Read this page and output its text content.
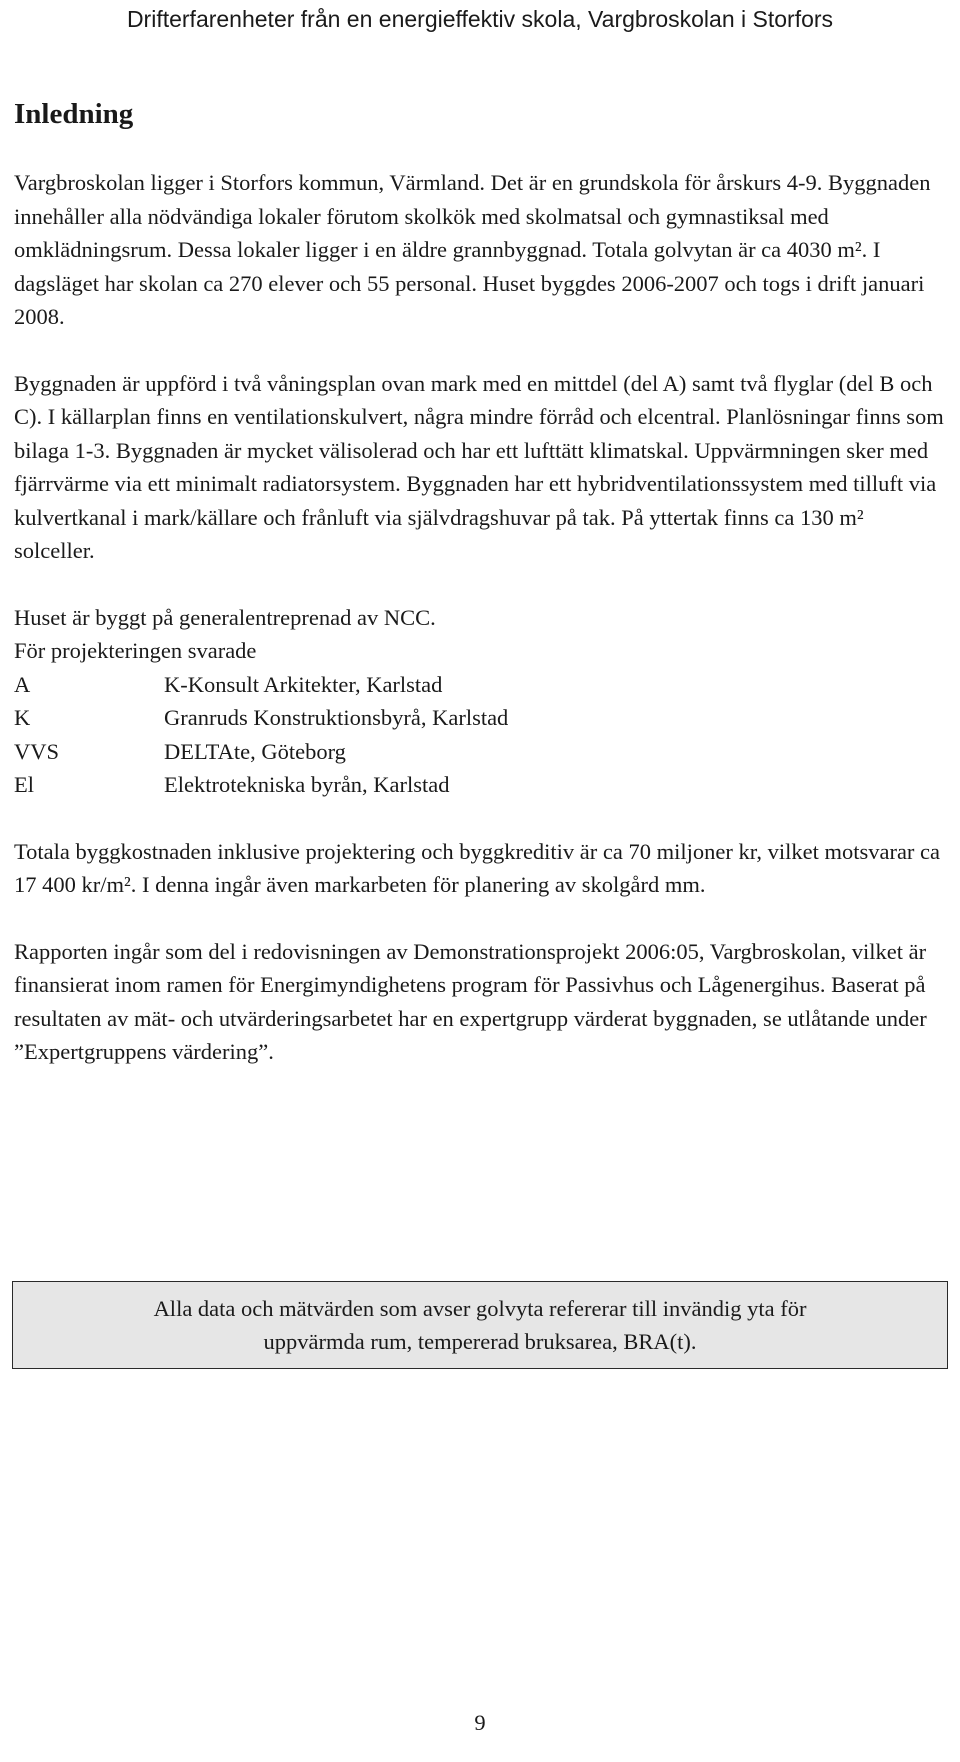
Drifterfarenheter från en energieffektiv skola, Vargbroskolan i Storfors
Inledning

Vargbroskolan ligger i Storfors kommun, Värmland. Det är en grundskola för årskurs 4-9. Byggnaden innehåller alla nödvändiga lokaler förutom skolkök med skolmatsal och gymnastiksal med omklädningsrum. Dessa lokaler ligger i en äldre grannbyggnad. Totala golvytan är ca 4030 m². I dagsläget har skolan ca 270 elever och 55 personal. Huset byggdes 2006-2007 och togs i drift januari 2008.

Byggnaden är uppförd i två våningsplan ovan mark med en mittdel (del A) samt två flyglar (del B och C). I källarplan finns en ventilationskulvert, några mindre förråd och elcentral. Planlösningar finns som bilaga 1-3. Byggnaden är mycket välisolerad och har ett lufttätt klimatskal. Uppvärmningen sker med fjärrvärme via ett minimalt radiatorsystem. Byggnaden har ett hybridventilationssystem med tilluft via kulvertkanal i mark/källare och frånluft via självdragshuvar på tak. På yttertak finns ca 130 m² solceller.

Huset är byggt på generalentreprenad av NCC.

För projekteringen svarade

A	K-Konsult Arkitekter, Karlstad
K	Granruds Konstruktionsbyrå, Karlstad
VVS	DELTAte, Göteborg
El	Elektrotekniska byrån, Karlstad

Totala byggkostnaden inklusive projektering och byggkreditiv är ca 70 miljoner kr, vilket motsvarar ca 17 400 kr/m². I denna ingår även markarbeten för planering av skolgård mm.

Rapporten ingår som del i redovisningen av Demonstrationsprojekt 2006:05, Vargbroskolan, vilket är finansierat inom ramen för Energimyndighetens program för Passivhus och Lågenergihus. Baserat på resultaten av mät- och utvärderingsarbetet har en expertgrupp värderat byggnaden, se utlåtande under ”Expertgruppens värdering”.

Alla data och mätvärden som avser golvyta refererar till invändig yta för
uppvärmda rum, tempererad bruksarea, BRA(t).
9
